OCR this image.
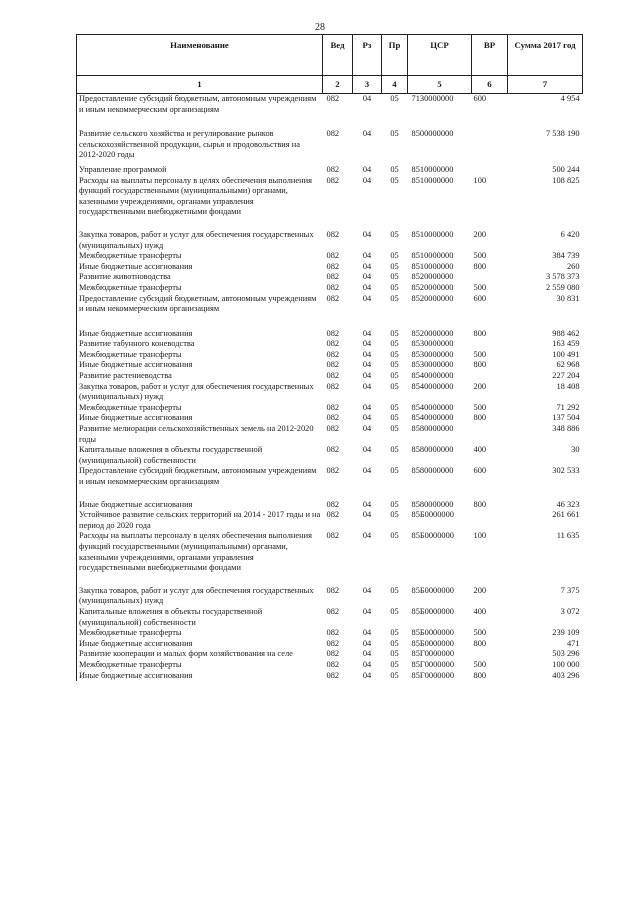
28
Наименование	Вед	Рз	Пр	ЦСР	ВР	Сумма 2017 год
1	2	3	4	5	6	7
Предоставление субсидий бюджетным, автономным учреждениям и иным некоммерческим организациям	082	04	05	7130000000	600	4 954
Развитие сельского хозяйства и регулирование рынков сельскохозяйственной продукции, сырья и продовольствия на 2012-2020 годы	082	04	05	8500000000		7 538 190
Управление программой	082	04	05	8510000000		500 244
Расходы на выплаты персоналу в целях обеспечения выполнения функций государственными (муниципальными) органами, казенными учреждениями, органами управления государственными внебюджетными фондами	082	04	05	8510000000	100	108 825
Закупка товаров, работ и услуг для обеспечения государственных (муниципальных) нужд	082	04	05	8510000000	200	6 420
Межбюджетные трансферты	082	04	05	8510000000	500	384 739
Иные бюджетные ассигнования	082	04	05	8510000000	800	260
Развитие животноводства	082	04	05	8520000000		3 578 373
Межбюджетные трансферты	082	04	05	8520000000	500	2 559 080
Предоставление субсидий бюджетным, автономным учреждениям и иным некоммерческим организациям	082	04	05	8520000000	600	30 831
Иные бюджетные ассигнования	082	04	05	8520000000	800	988 462
Развитие табунного коневодства	082	04	05	8530000000		163 459
Межбюджетные трансферты	082	04	05	8530000000	500	100 491
Иные бюджетные ассигнования	082	04	05	8530000000	800	62 968
Развитие растениеводства	082	04	05	8540000000		227 204
Закупка товаров, работ и услуг для обеспечения государственных (муниципальных) нужд	082	04	05	8540000000	200	18 408
Межбюджетные трансферты	082	04	05	8540000000	500	71 292
Иные бюджетные ассигнования	082	04	05	8540000000	800	137 504
Развитие мелиорации сельскохозяйственных земель на 2012-2020 годы	082	04	05	8580000000		348 886
Капитальные вложения в объекты государственной (муниципальной) собственности	082	04	05	8580000000	400	30
Предоставление субсидий бюджетным, автономным учреждениям и иным некоммерческим организациям	082	04	05	8580000000	600	302 533
Иные бюджетные ассигнования	082	04	05	8580000000	800	46 323
Устойчивое развитие сельских территорий на 2014 - 2017 годы и на период до 2020 года	082	04	05	85Б0000000		261 661
Расходы на выплаты персоналу в целях обеспечения выполнения функций государственными (муниципальными) органами, казенными учреждениями, органами управления государственными внебюджетными фондами	082	04	05	85Б0000000	100	11 635
Закупка товаров, работ и услуг для обеспечения государственных (муниципальных) нужд	082	04	05	85Б0000000	200	7 375
Капитальные вложения в объекты государственной (муниципальной) собственности	082	04	05	85Б0000000	400	3 072
Межбюджетные трансферты	082	04	05	85Б0000000	500	239 109
Иные бюджетные ассигнования	082	04	05	85Б0000000	800	471
Развитие кооперации и малых форм хозяйствования на селе	082	04	05	85Г0000000		503 296
Межбюджетные трансферты	082	04	05	85Г0000000	500	100 000
Иные бюджетные ассигнования	082	04	05	85Г0000000	800	403 296
